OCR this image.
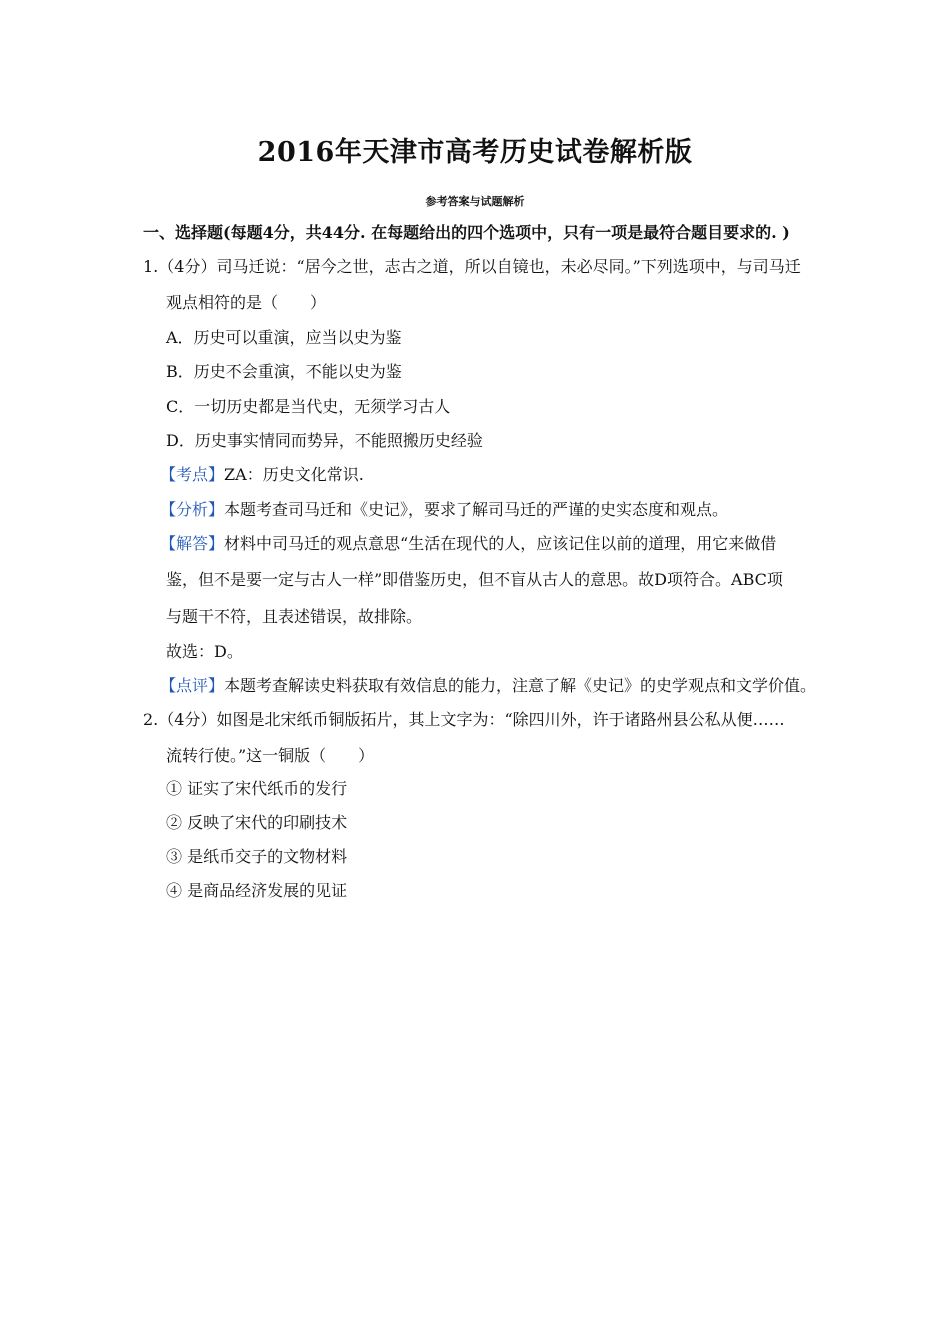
2016年天津市高考历史试卷解析版
参考答案与试题解析
一、选择题(每题4分，共44分. 在每题给出的四个选项中，只有一项是最符合题目要求的. )
1.（4分）司马迁说：“居今之世，志古之道，所以自镜也，未必尽同。”下列选项中，与司马迁
观点相符的是（　　）
A．历史可以重演，应当以史为鉴
B．历史不会重演，不能以史为鉴
C．一切历史都是当代史，无须学习古人
D．历史事实情同而势异，不能照搬历史经验
【考点】ZA：历史文化常识.
【分析】本题考查司马迁和《史记》，要求了解司马迁的严谨的史实态度和观点。
【解答】材料中司马迁的观点意思“生活在现代的人，应该记住以前的道理，用它来做借
鉴，但不是要一定与古人一样”即借鉴历史，但不盲从古人的意思。故D项符合。ABC项
与题干不符，且表述错误，故排除。
故选：D。
【点评】本题考查解读史料获取有效信息的能力，注意了解《史记》的史学观点和文学价值。
2.（4分）如图是北宋纸币铜版拓片，其上文字为：“除四川外，许于诸路州县公私从便……
流转行使。”这一铜版（　　）
① 证实了宋代纸币的发行
② 反映了宋代的印刷技术
③ 是纸币交子的文物材料
④ 是商品经济发展的见证
